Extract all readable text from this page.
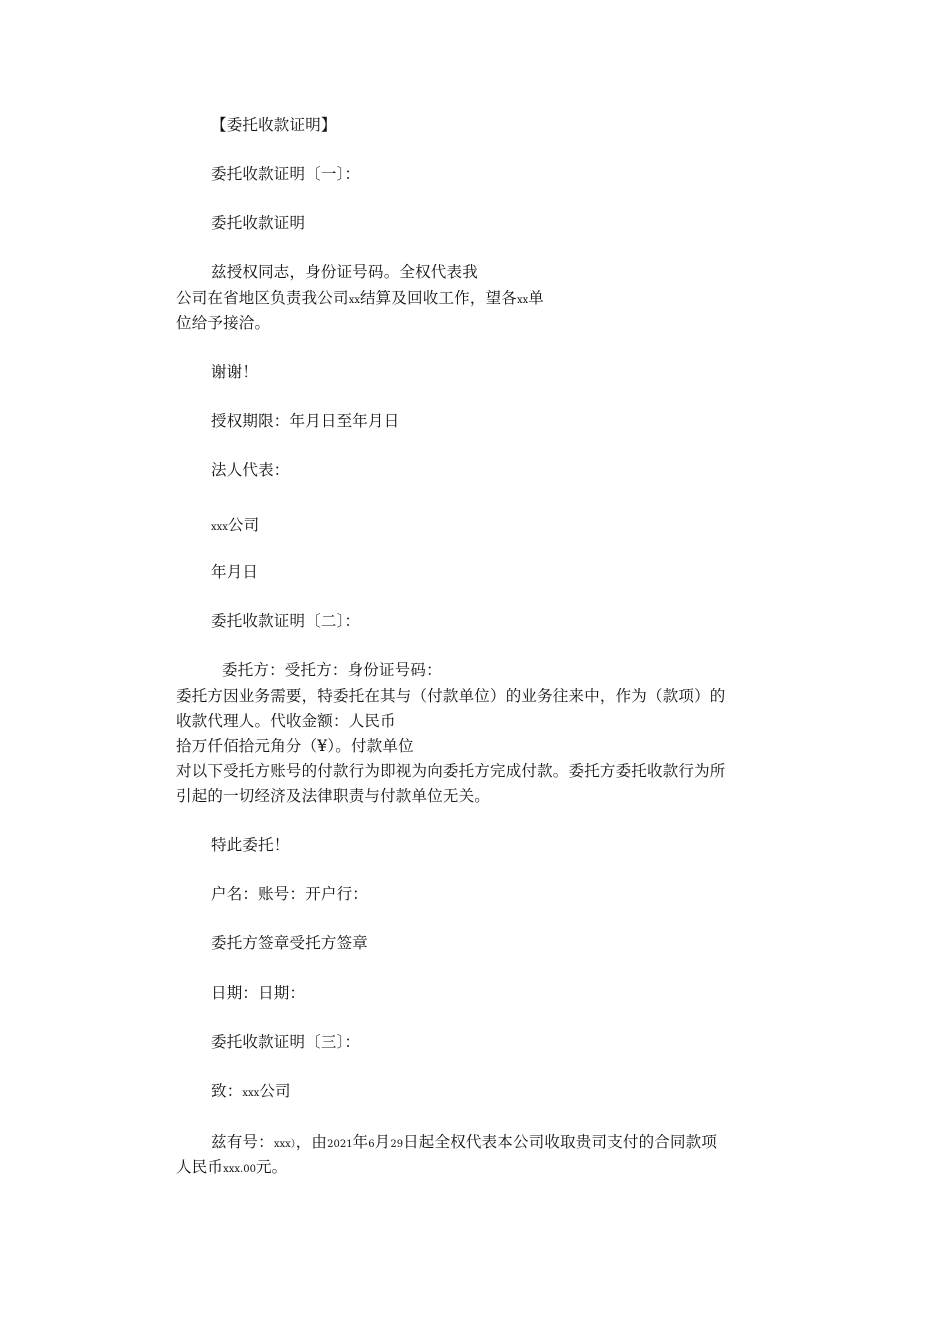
【委托收款证明】
委托收款证明〔一〕：
委托收款证明
兹授权同志，身份证号码。全权代表我
公司在省地区负责我公司xx结算及回收工作，望各xx单
位给予接洽。
谢谢！
授权期限：年月日至年月日
法人代表：
xxx公司
年月日
委托收款证明〔二〕：
委托方：受托方：身份证号码：
委托方因业务需要，特委托在其与（付款单位）的业务往来中，作为（款项）的
收款代理人。代收金额：人民币
拾万仟佰拾元角分（¥）。付款单位
对以下受托方账号的付款行为即视为向委托方完成付款。委托方委托收款行为所
引起的一切经济及法律职责与付款单位无关。
特此委托！
户名：账号：开户行：
委托方签章受托方签章
日期：日期：
委托收款证明〔三〕：
致：xxx公司
兹有号：xxx），由2021年6月29日起全权代表本公司收取贵司支付的合同款项
人民币xxx.00元。
